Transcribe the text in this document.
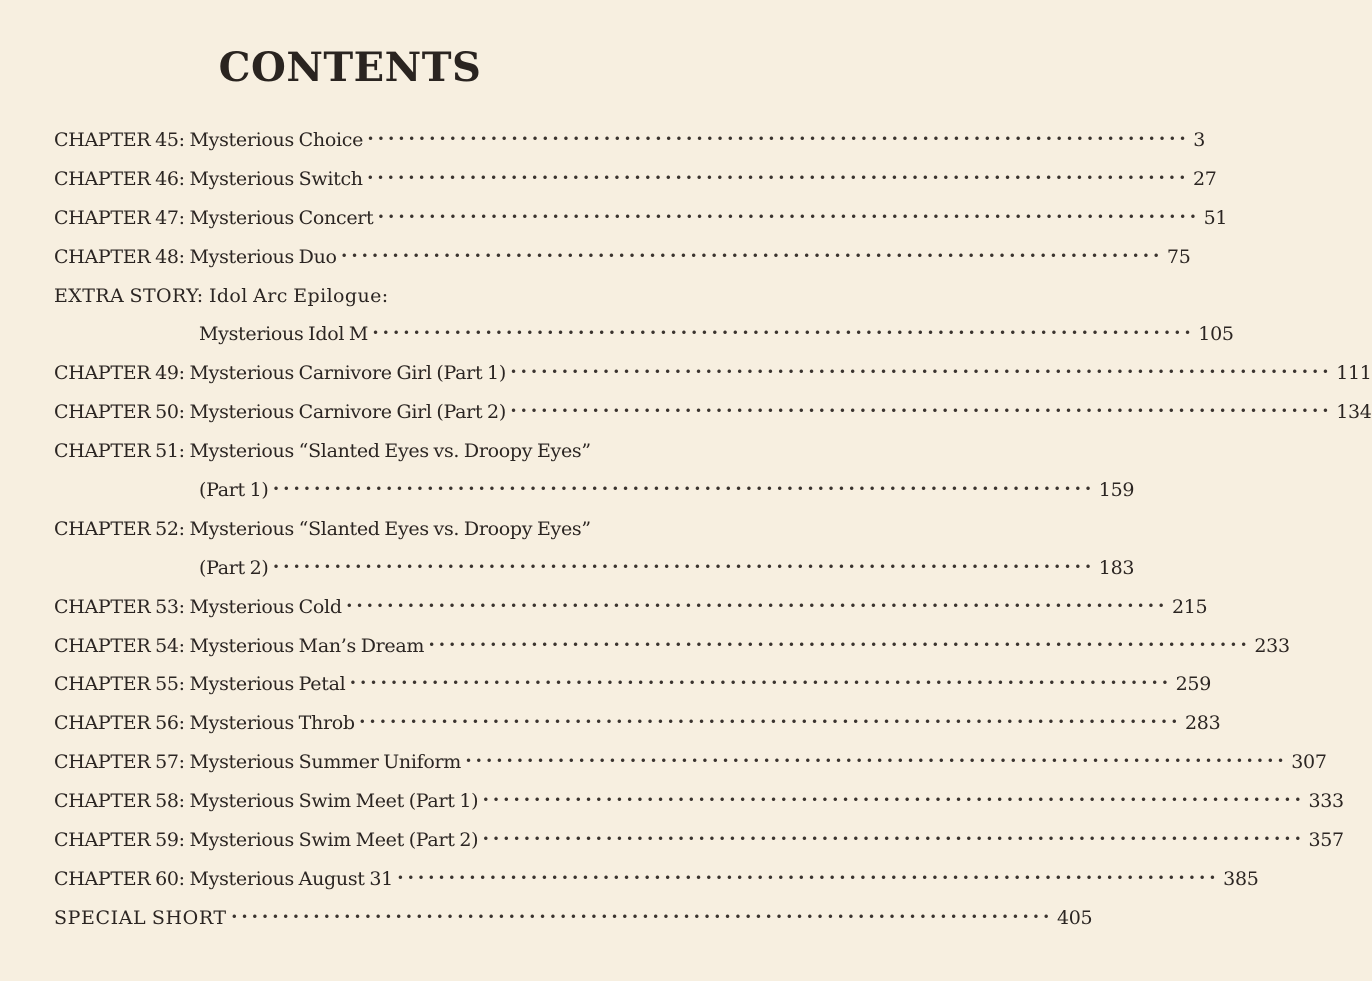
CONTENTS
CHAPTER 45: Mysterious Choice •••••••••••••••••••••••••••••••••••••••••••••••••••••••••••••••••••••••••••••••• 3
CHAPTER 46: Mysterious Switch •••••••••••••••••••••••••••••••••••••••••••••••••••••••••••••••••••••••••••••••• 27
CHAPTER 47: Mysterious Concert •••••••••••••••••••••••••••••••••••••••••••••••••••••••••••••••••••••••••••••••• 51
CHAPTER 48: Mysterious Duo •••••••••••••••••••••••••••••••••••••••••••••••••••••••••••••••••••••••••••••••• 75
EXTRA STORY: Idol Arc Epilogue:
Mysterious Idol M •••••••••••••••••••••••••••••••••••••••••••••••••••••••••••••••••••••••••••••••• 105
CHAPTER 49: Mysterious Carnivore Girl (Part 1) •••••••••••••••••••••••••••••••••••••••••••••••••••••••••••••••••••••••••••••••• 111
CHAPTER 50: Mysterious Carnivore Girl (Part 2) •••••••••••••••••••••••••••••••••••••••••••••••••••••••••••••••••••••••••••••••• 134
CHAPTER 51: Mysterious “Slanted Eyes vs. Droopy Eyes”
(Part 1) •••••••••••••••••••••••••••••••••••••••••••••••••••••••••••••••••••••••••••••••• 159
CHAPTER 52: Mysterious “Slanted Eyes vs. Droopy Eyes”
(Part 2) •••••••••••••••••••••••••••••••••••••••••••••••••••••••••••••••••••••••••••••••• 183
CHAPTER 53: Mysterious Cold •••••••••••••••••••••••••••••••••••••••••••••••••••••••••••••••••••••••••••••••• 215
CHAPTER 54: Mysterious Man’s Dream •••••••••••••••••••••••••••••••••••••••••••••••••••••••••••••••••••••••••••••••• 233
CHAPTER 55: Mysterious Petal •••••••••••••••••••••••••••••••••••••••••••••••••••••••••••••••••••••••••••••••• 259
CHAPTER 56: Mysterious Throb •••••••••••••••••••••••••••••••••••••••••••••••••••••••••••••••••••••••••••••••• 283
CHAPTER 57: Mysterious Summer Uniform •••••••••••••••••••••••••••••••••••••••••••••••••••••••••••••••••••••••••••••••• 307
CHAPTER 58: Mysterious Swim Meet (Part 1) •••••••••••••••••••••••••••••••••••••••••••••••••••••••••••••••••••••••••••••••• 333
CHAPTER 59: Mysterious Swim Meet (Part 2) •••••••••••••••••••••••••••••••••••••••••••••••••••••••••••••••••••••••••••••••• 357
CHAPTER 60: Mysterious August 31 •••••••••••••••••••••••••••••••••••••••••••••••••••••••••••••••••••••••••••••••• 385
SPECIAL SHORT •••••••••••••••••••••••••••••••••••••••••••••••••••••••••••••••••••••••••••••••• 405
